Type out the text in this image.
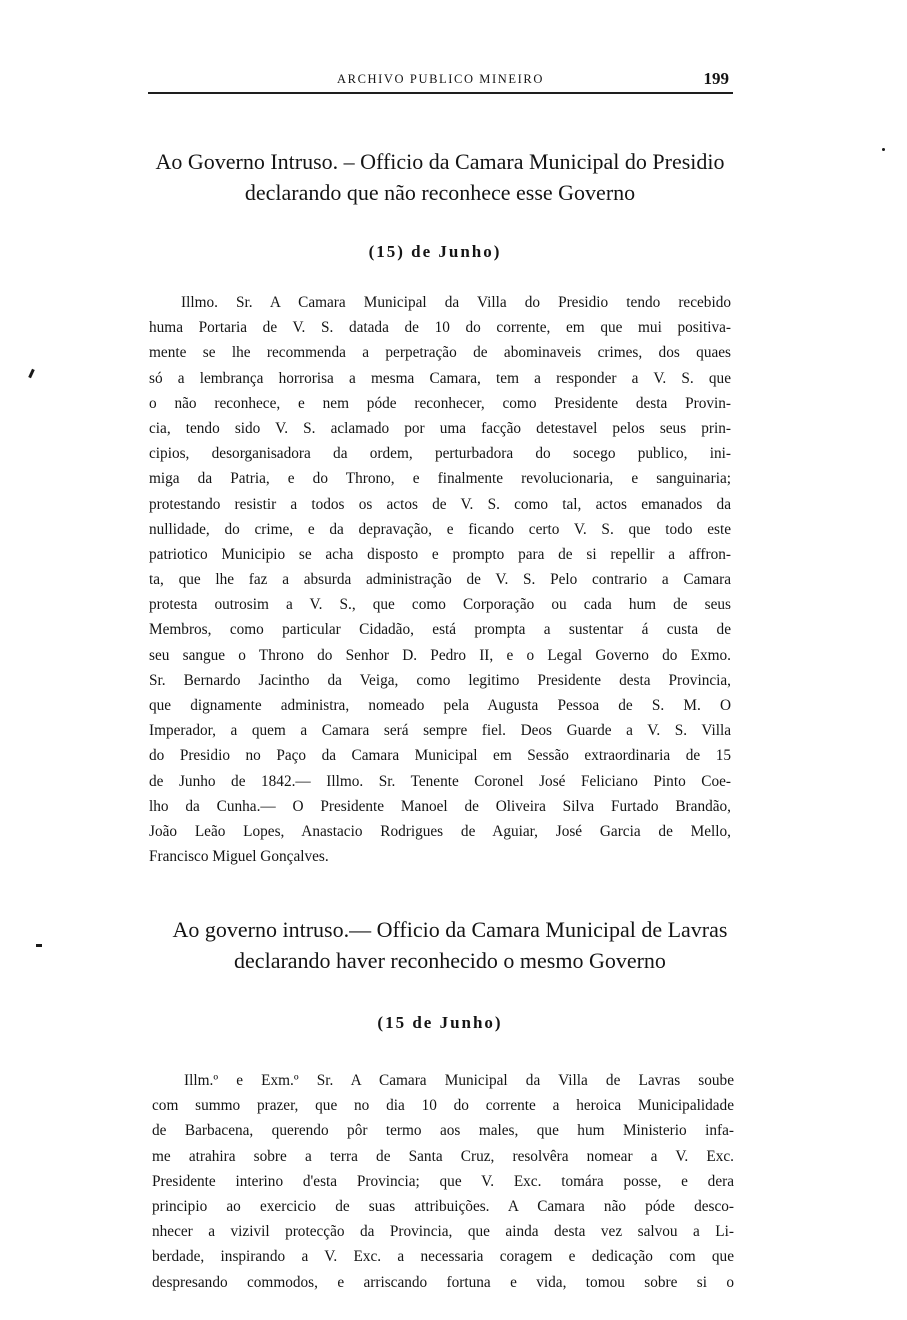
ARCHIVO PUBLICO MINEIRO	199
Ao Governo Intruso. – Officio da Camara Municipal do Presidio
declarando que não reconhece esse Governo
(15) de Junho)
Illmo. Sr. A Camara Municipal da Villa do Presidio tendo recebido
huma Portaria de V. S. datada de 10 do corrente, em que mui positiva-
mente se lhe recommenda a perpetração de abominaveis crimes, dos quaes
só a lembrança horrorisa a mesma Camara, tem a responder a V. S. que
o não reconhece, e nem póde reconhecer, como Presidente desta Provin-
cia, tendo sido V. S. aclamado por uma facção detestavel pelos seus prin-
cipios, desorganisadora da ordem, perturbadora do socego publico, ini-
miga da Patria, e do Throno, e finalmente revolucionaria, e sanguinaria;
protestando resistir a todos os actos de V. S. como tal, actos emanados da
nullidade, do crime, e da depravação, e ficando certo V. S. que todo este
patriotico Municipio se acha disposto e prompto para de si repellir a affron-
ta, que lhe faz a absurda administração de V. S. Pelo contrario a Camara
protesta outrosim a V. S., que como Corporação ou cada hum de seus
Membros, como particular Cidadão, está prompta a sustentar á custa de
seu sangue o Throno do Senhor D. Pedro II, e o Legal Governo do Exmo.
Sr. Bernardo Jacintho da Veiga, como legitimo Presidente desta Provincia,
que dignamente administra, nomeado pela Augusta Pessoa de S. M. O
Imperador, a quem a Camara será sempre fiel. Deos Guarde a V. S. Villa
do Presidio no Paço da Camara Municipal em Sessão extraordinaria de 15
de Junho de 1842.— Illmo. Sr. Tenente Coronel José Feliciano Pinto Coe-
lho da Cunha.— O Presidente Manoel de Oliveira Silva Furtado Brandão,
João Leão Lopes, Anastacio Rodrigues de Aguiar, José Garcia de Mello,
Francisco Miguel Gonçalves.
Ao governo intruso.— Officio da Camara Municipal de Lavras
declarando haver reconhecido o mesmo Governo
(15 de Junho)
Illm.º e Exm.º Sr. A Camara Municipal da Villa de Lavras soube
com summo prazer, que no dia 10 do corrente a heroica Municipalidade
de Barbacena, querendo pôr termo aos males, que hum Ministerio infa-
me atrahira sobre a terra de Santa Cruz, resolvêra nomear a V. Exc.
Presidente interino d'esta Provincia; que V. Exc. tomára posse, e dera
principio ao exercicio de suas attribuições. A Camara não póde desco-
nhecer a vizivil protecção da Provincia, que ainda desta vez salvou a Li-
berdade, inspirando a V. Exc. a necessaria coragem e dedicação com que
despresando commodos, e arriscando fortuna e vida, tomou sobre si o
